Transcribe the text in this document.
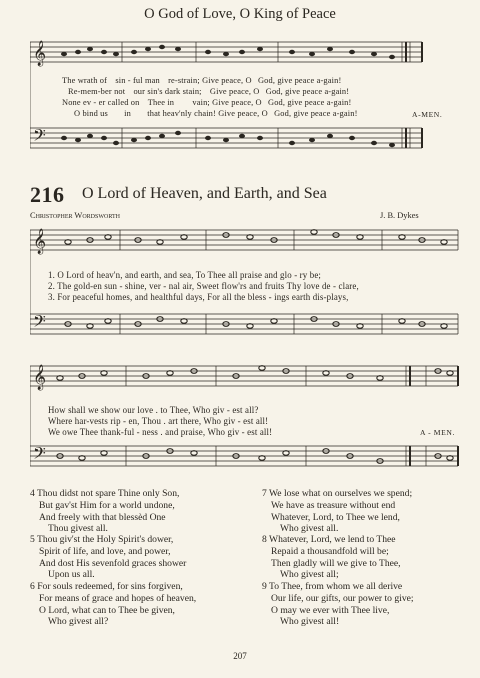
O God of Love, O King of Peace
𝄞
𝄢
The wrath of sin - ful man re-strain; Give peace, O God, give peace a-gain!
Re-mem-ber not our sin's dark stain; Give peace, O God, give peace a-gain!
None ev - er called on Thee in vain; Give peace, O God, give peace a-gain!
O bind us in that heav'nly chain! Give peace, O God, give peace a-gain!	A-MEN.
216 O Lord of Heaven, and Earth, and Sea
Christopher Wordsworth	J. B. Dykes
𝄞
𝄢
1. O Lord of heav'n, and earth, and sea, To Thee all praise and glo - ry be;
2. The gold-en sun - shine, ver - nal air, Sweet flow'rs and fruits Thy love de - clare,
3. For peaceful homes, and healthful days, For all the bless - ings earth dis-plays,
𝄞
𝄢
How shall we show our love . to Thee, Who giv - est all?
Where har-vests rip - en, Thou . art there, Who giv - est all!
We owe Thee thank-ful - ness . and praise, Who giv - est all!	A - MEN.
4 Thou didst not spare Thine only Son,
But gav'st Him for a world undone,
And freely with that blessèd One
Thou givest all.
5 Thou giv'st the Holy Spirit's dower,
Spirit of life, and love, and power,
And dost His sevenfold graces shower
Upon us all.
6 For souls redeemed, for sins forgiven,
For means of grace and hopes of heaven,
O Lord, what can to Thee be given,
Who givest all?
7 We lose what on ourselves we spend;
We have as treasure without end
Whatever, Lord, to Thee we lend,
Who givest all.
8 Whatever, Lord, we lend to Thee
Repaid a thousandfold will be;
Then gladly will we give to Thee,
Who givest all;
9 To Thee, from whom we all derive
Our life, our gifts, our power to give;
O may we ever with Thee live,
Who givest all!
207
